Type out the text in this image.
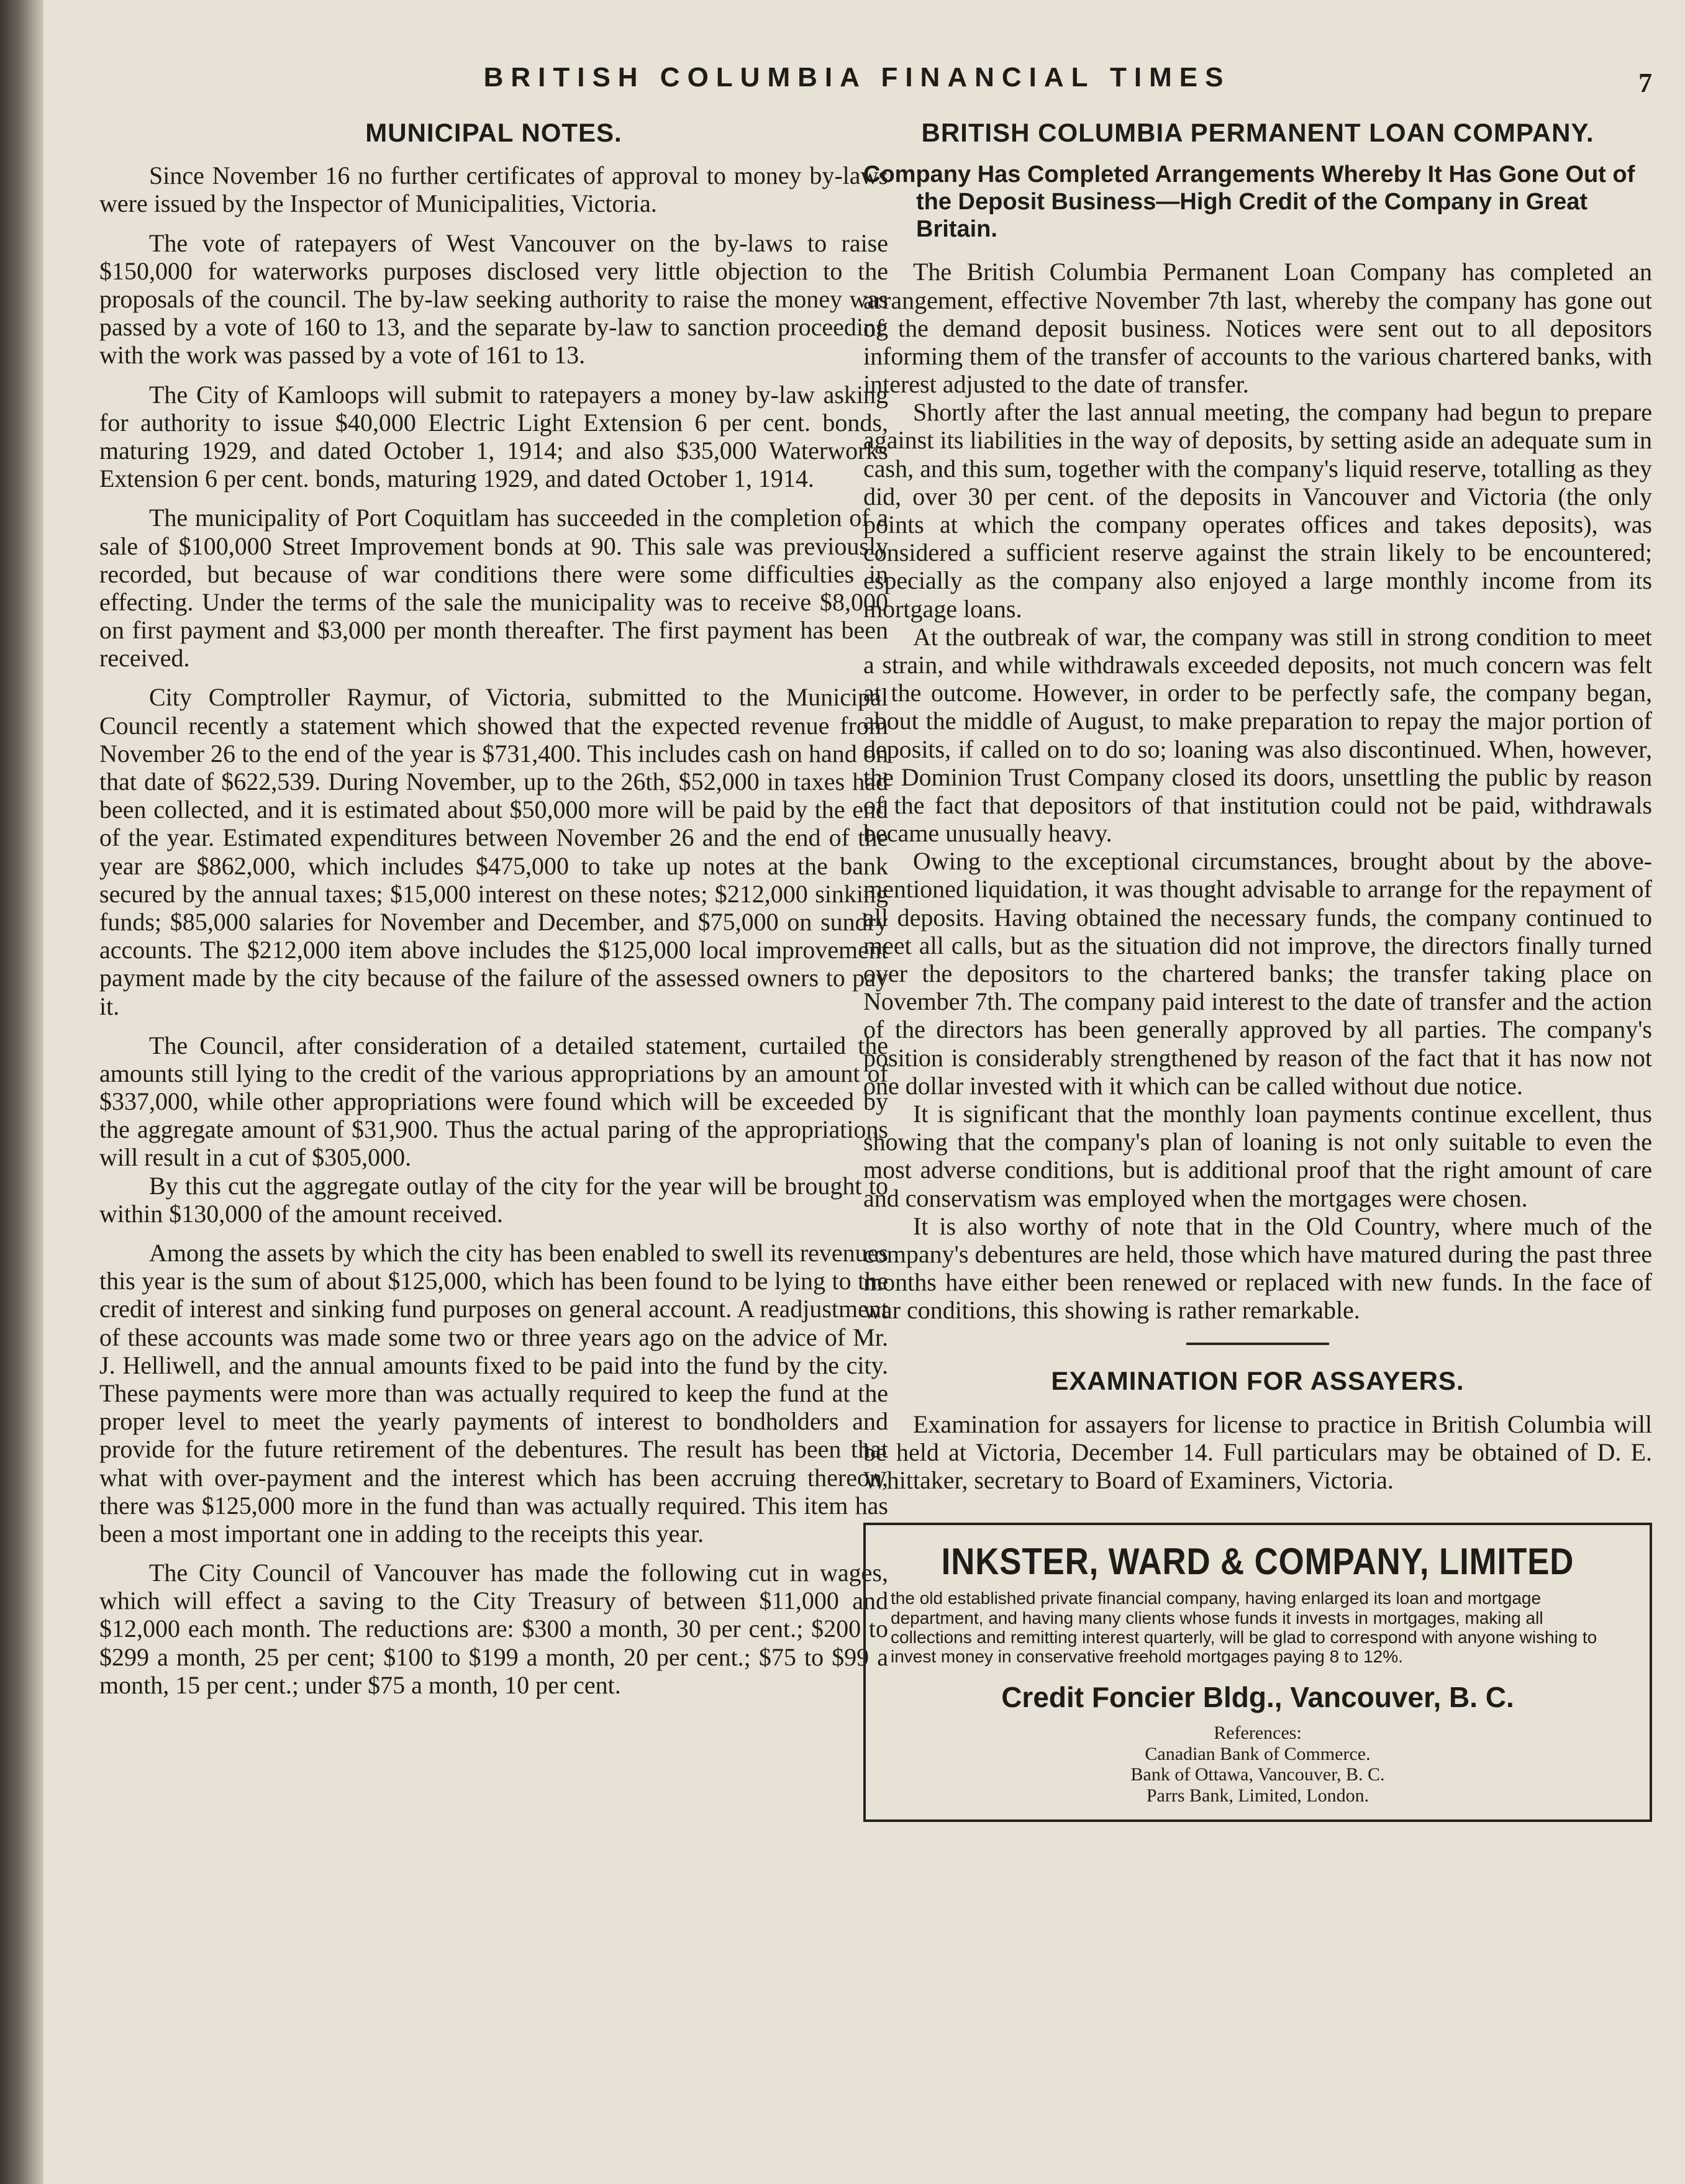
BRITISH COLUMBIA FINANCIAL TIMES	7
MUNICIPAL NOTES.

Since November 16 no further certificates of approval to money by-laws were issued by the Inspector of Municipalities, Victoria.

The vote of ratepayers of West Vancouver on the by-laws to raise $150,000 for waterworks purposes disclosed very little objection to the proposals of the council. The by-law seeking authority to raise the money was passed by a vote of 160 to 13, and the separate by-law to sanction proceeding with the work was passed by a vote of 161 to 13.

The City of Kamloops will submit to ratepayers a money by-law asking for authority to issue $40,000 Electric Light Extension 6 per cent. bonds, maturing 1929, and dated October 1, 1914; and also $35,000 Waterworks Extension 6 per cent. bonds, maturing 1929, and dated October 1, 1914.

The municipality of Port Coquitlam has succeeded in the completion of a sale of $100,000 Street Improvement bonds at 90. This sale was previously recorded, but because of war conditions there were some difficulties in effecting. Under the terms of the sale the municipality was to receive $8,000 on first payment and $3,000 per month thereafter. The first payment has been received.

City Comptroller Raymur, of Victoria, submitted to the Municipal Council recently a statement which showed that the expected revenue from November 26 to the end of the year is $731,400. This includes cash on hand on that date of $622,539. During November, up to the 26th, $52,000 in taxes had been collected, and it is estimated about $50,000 more will be paid by the end of the year. Estimated expenditures between November 26 and the end of the year are $862,000, which includes $475,000 to take up notes at the bank secured by the annual taxes; $15,000 interest on these notes; $212,000 sinking funds; $85,000 salaries for November and December, and $75,000 on sundry accounts. The $212,000 item above includes the $125,000 local improvement payment made by the city because of the failure of the assessed owners to pay it.

The Council, after consideration of a detailed statement, curtailed the amounts still lying to the credit of the various appropriations by an amount of $337,000, while other appropriations were found which will be exceeded by the aggregate amount of $31,900. Thus the actual paring of the appropriations will result in a cut of $305,000.

By this cut the aggregate outlay of the city for the year will be brought to within $130,000 of the amount received.

Among the assets by which the city has been enabled to swell its revenues this year is the sum of about $125,000, which has been found to be lying to the credit of interest and sinking fund purposes on general account. A readjustment of these accounts was made some two or three years ago on the advice of Mr. J. Helliwell, and the annual amounts fixed to be paid into the fund by the city. These payments were more than was actually required to keep the fund at the proper level to meet the yearly payments of interest to bondholders and provide for the future retirement of the debentures. The result has been that what with over-payment and the interest which has been accruing thereon, there was $125,000 more in the fund than was actually required. This item has been a most important one in adding to the receipts this year.

The City Council of Vancouver has made the following cut in wages, which will effect a saving to the City Treasury of between $11,000 and $12,000 each month. The reductions are: $300 a month, 30 per cent.; $200 to $299 a month, 25 per cent; $100 to $199 a month, 20 per cent.; $75 to $99 a month, 15 per cent.; under $75 a month, 10 per cent.

BRITISH COLUMBIA PERMANENT LOAN COMPANY.
Company Has Completed Arrangements Whereby It Has Gone Out of the Deposit Business—High Credit of the Company in Great Britain.

The British Columbia Permanent Loan Company has completed an arrangement, effective November 7th last, whereby the company has gone out of the demand deposit business. Notices were sent out to all depositors informing them of the transfer of accounts to the various chartered banks, with interest adjusted to the date of transfer.

Shortly after the last annual meeting, the company had begun to prepare against its liabilities in the way of deposits, by setting aside an adequate sum in cash, and this sum, together with the company's liquid reserve, totalling as they did, over 30 per cent. of the deposits in Vancouver and Victoria (the only points at which the company operates offices and takes deposits), was considered a sufficient reserve against the strain likely to be encountered; especially as the company also enjoyed a large monthly income from its mortgage loans.

At the outbreak of war, the company was still in strong condition to meet a strain, and while withdrawals exceeded deposits, not much concern was felt at the outcome. However, in order to be perfectly safe, the company began, about the middle of August, to make preparation to repay the major portion of deposits, if called on to do so; loaning was also discontinued. When, however, the Dominion Trust Company closed its doors, unsettling the public by reason of the fact that depositors of that institution could not be paid, withdrawals became unusually heavy.

Owing to the exceptional circumstances, brought about by the above-mentioned liquidation, it was thought advisable to arrange for the repayment of all deposits. Having obtained the necessary funds, the company continued to meet all calls, but as the situation did not improve, the directors finally turned over the depositors to the chartered banks; the transfer taking place on November 7th. The company paid interest to the date of transfer and the action of the directors has been generally approved by all parties. The company's position is considerably strengthened by reason of the fact that it has now not one dollar invested with it which can be called without due notice.

It is significant that the monthly loan payments continue excellent, thus showing that the company's plan of loaning is not only suitable to even the most adverse conditions, but is additional proof that the right amount of care and conservatism was employed when the mortgages were chosen.

It is also worthy of note that in the Old Country, where much of the company's debentures are held, those which have matured during the past three months have either been renewed or replaced with new funds. In the face of war conditions, this showing is rather remarkable.

EXAMINATION FOR ASSAYERS.

Examination for assayers for license to practice in British Columbia will be held at Victoria, December 14. Full particulars may be obtained of D. E. Whittaker, secretary to Board of Examiners, Victoria.

INKSTER, WARD & COMPANY, LIMITED
the old established private financial company, having enlarged its loan and mortgage department, and having many clients whose funds it invests in mortgages, making all collections and remitting interest quarterly, will be glad to correspond with anyone wishing to invest money in conservative freehold mortgages paying 8 to 12%.
Credit Foncier Bldg., Vancouver, B. C.
References:
Canadian Bank of Commerce.
Bank of Ottawa, Vancouver, B. C.
Parrs Bank, Limited, London.
